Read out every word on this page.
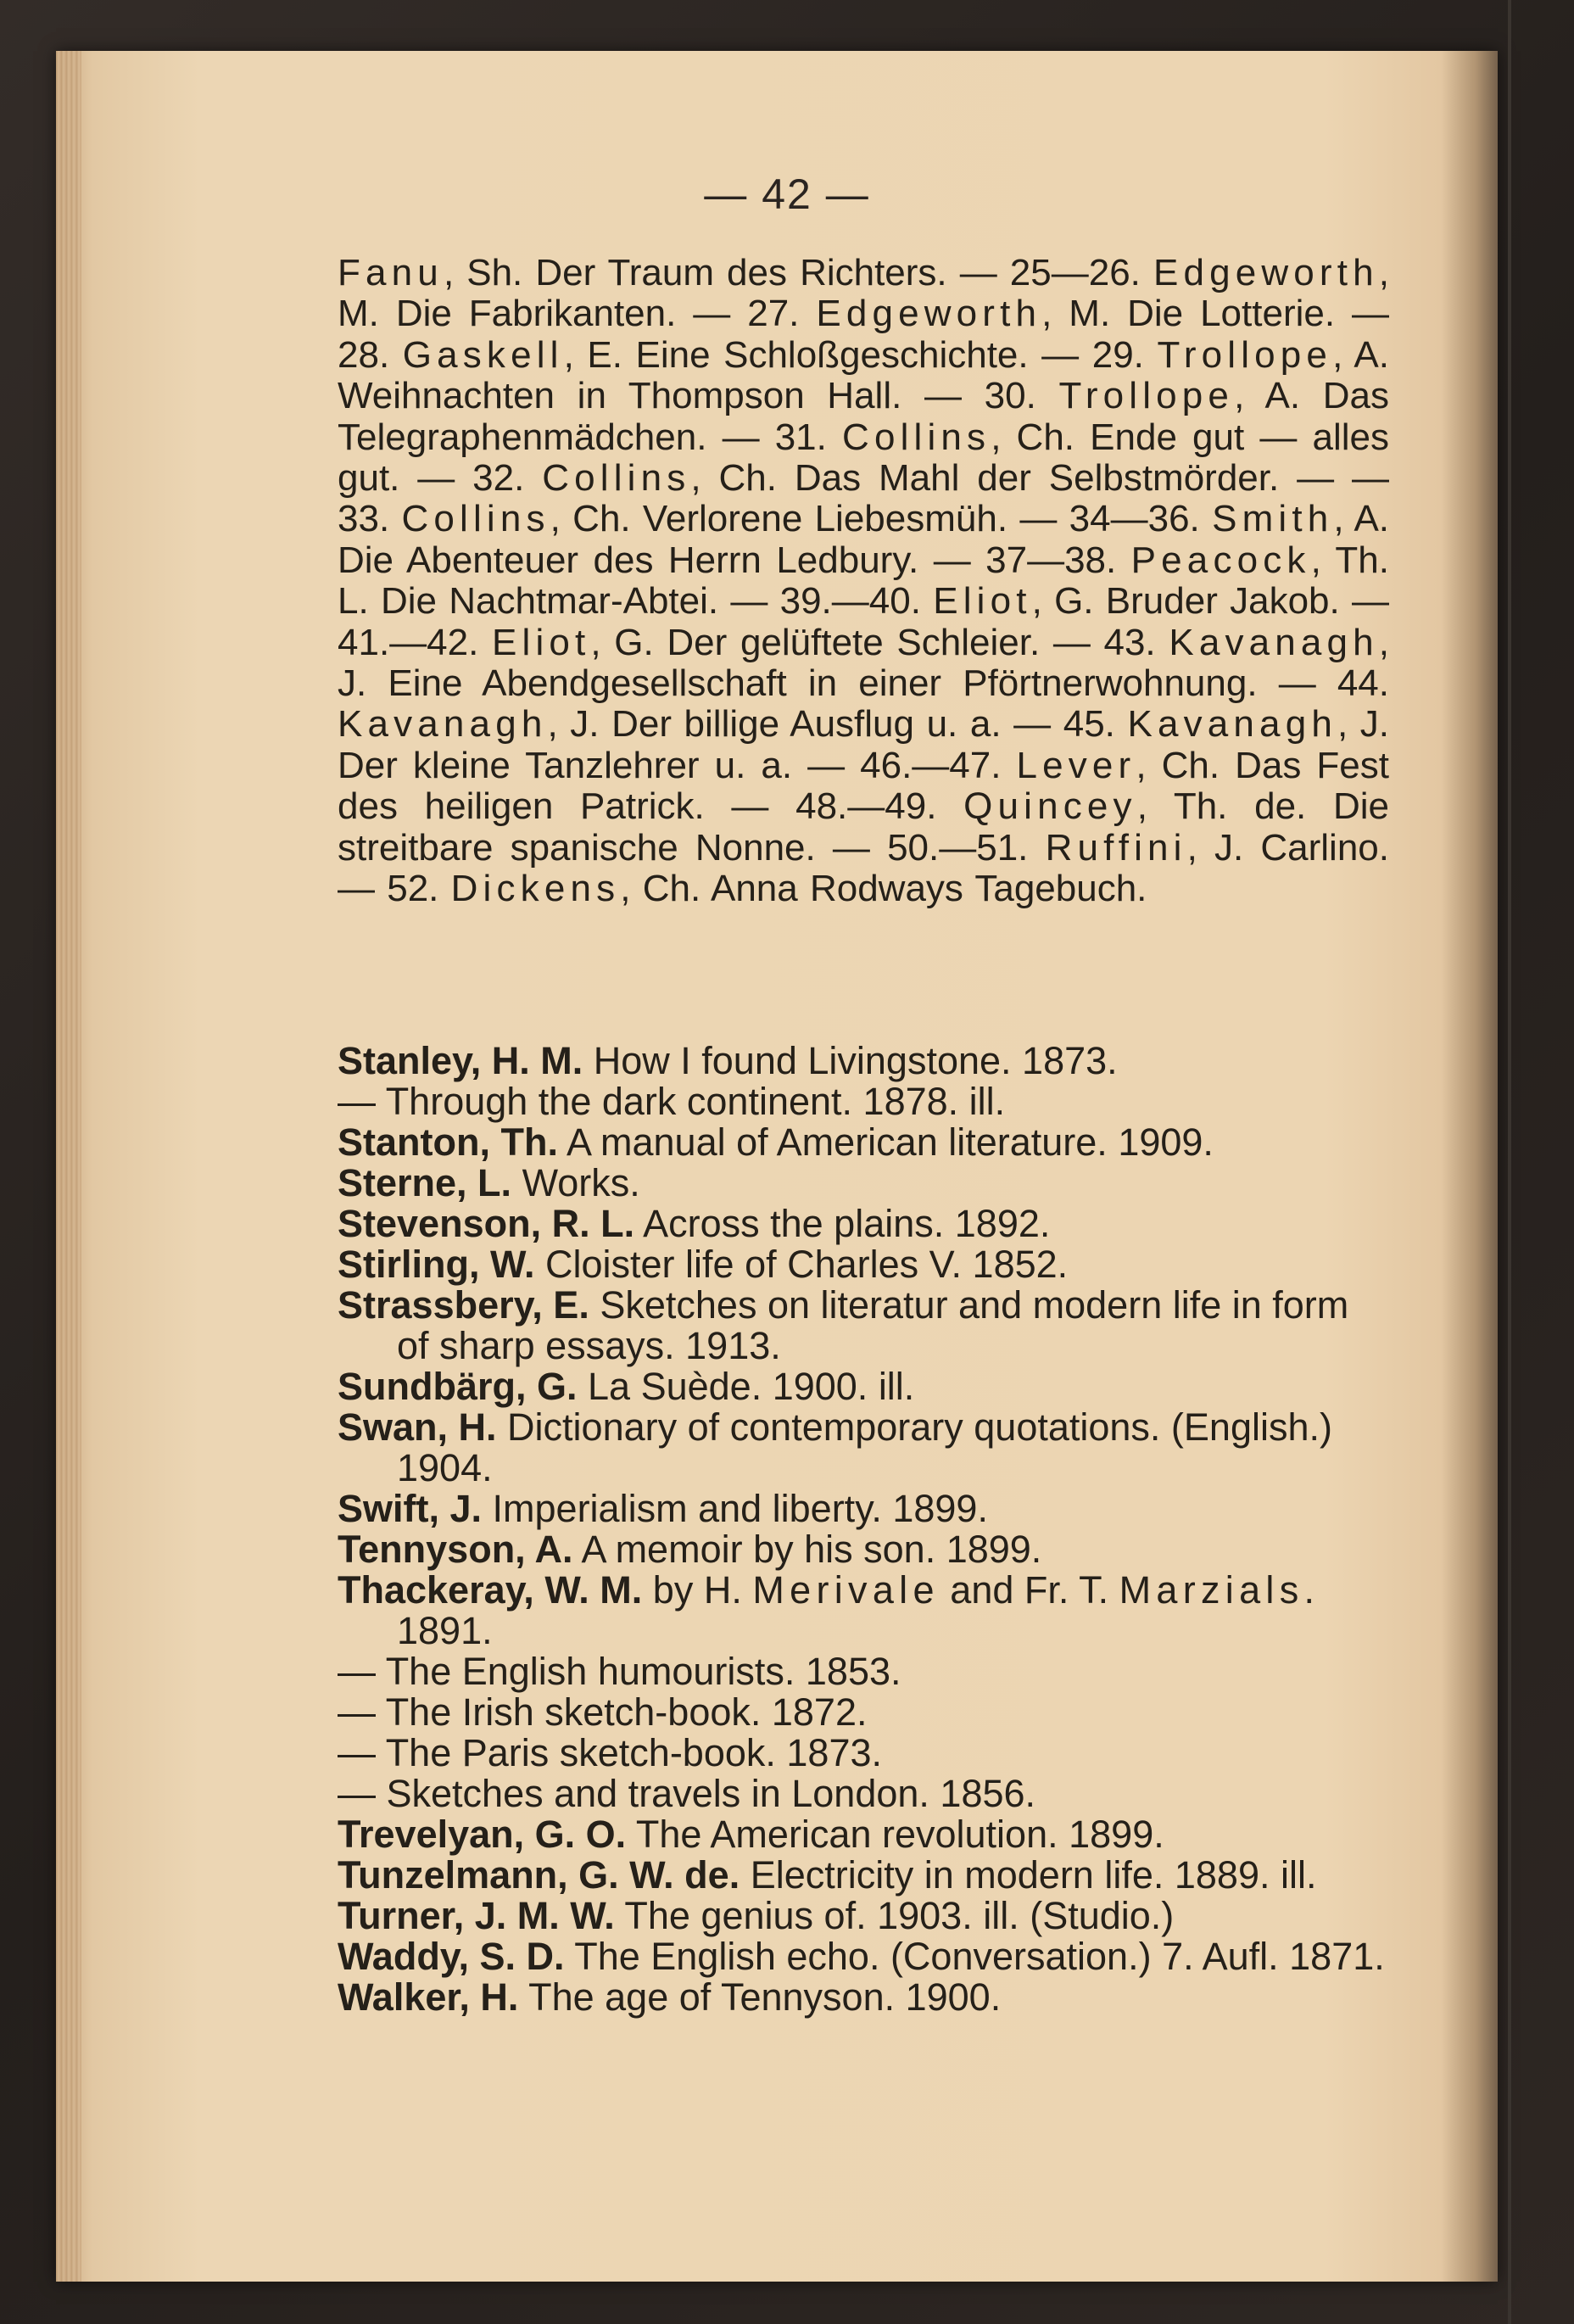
— 42 —
Fanu, Sh. Der Traum des Richters. — 25—26. Edgeworth, M. Die Fabrikanten. — 27. Edgeworth, M. Die Lotterie. — 28. Gaskell, E. Eine Schloßgeschichte. — 29. Trollope, A. Weihnachten in Thompson Hall. — 30. Trollope, A. Das Telegraphenmädchen. — 31. Collins, Ch. Ende gut — alles gut. — 32. Collins, Ch. Das Mahl der Selbstmörder. — — 33. Collins, Ch. Verlorene Liebesmüh. — 34—36. Smith, A. Die Abenteuer des Herrn Ledbury. — 37—38. Peacock, Th. L. Die Nachtmar-Abtei. — 39.—40. Eliot, G. Bruder Jakob. — 41.—42. Eliot, G. Der gelüftete Schleier. — 43. Kavanagh, J. Eine Abendgesellschaft in einer Pförtnerwohnung. — 44. Kavanagh, J. Der billige Ausflug u. a. — 45. Kavanagh, J. Der kleine Tanzlehrer u. a. — 46.—47. Lever, Ch. Das Fest des heiligen Patrick. — 48.—49. Quincey, Th. de. Die streitbare spanische Nonne. — 50.—51. Ruffini, J. Carlino. — 52. Dickens, Ch. Anna Rodways Tagebuch.
Stanley, H. M. How I found Livingstone. 1873.
— Through the dark continent. 1878. ill.
Stanton, Th. A manual of American literature. 1909.
Sterne, L. Works.
Stevenson, R. L. Across the plains. 1892.
Stirling, W. Cloister life of Charles V. 1852.
Strassbery, E. Sketches on literatur and modern life in form of sharp essays. 1913.
Sundbärg, G. La Suède. 1900. ill.
Swan, H. Dictionary of contemporary quotations. (English.) 1904.
Swift, J. Imperialism and liberty. 1899.
Tennyson, A. A memoir by his son. 1899.
Thackeray, W. M. by H. Merivale and Fr. T. Marzials. 1891.
— The English humourists. 1853.
— The Irish sketch-book. 1872.
— The Paris sketch-book. 1873.
— Sketches and travels in London. 1856.
Trevelyan, G. O. The American revolution. 1899.
Tunzelmann, G. W. de. Electricity in modern life. 1889. ill.
Turner, J. M. W. The genius of. 1903. ill. (Studio.)
Waddy, S. D. The English echo. (Conversation.) 7. Aufl. 1871.
Walker, H. The age of Tennyson. 1900.
